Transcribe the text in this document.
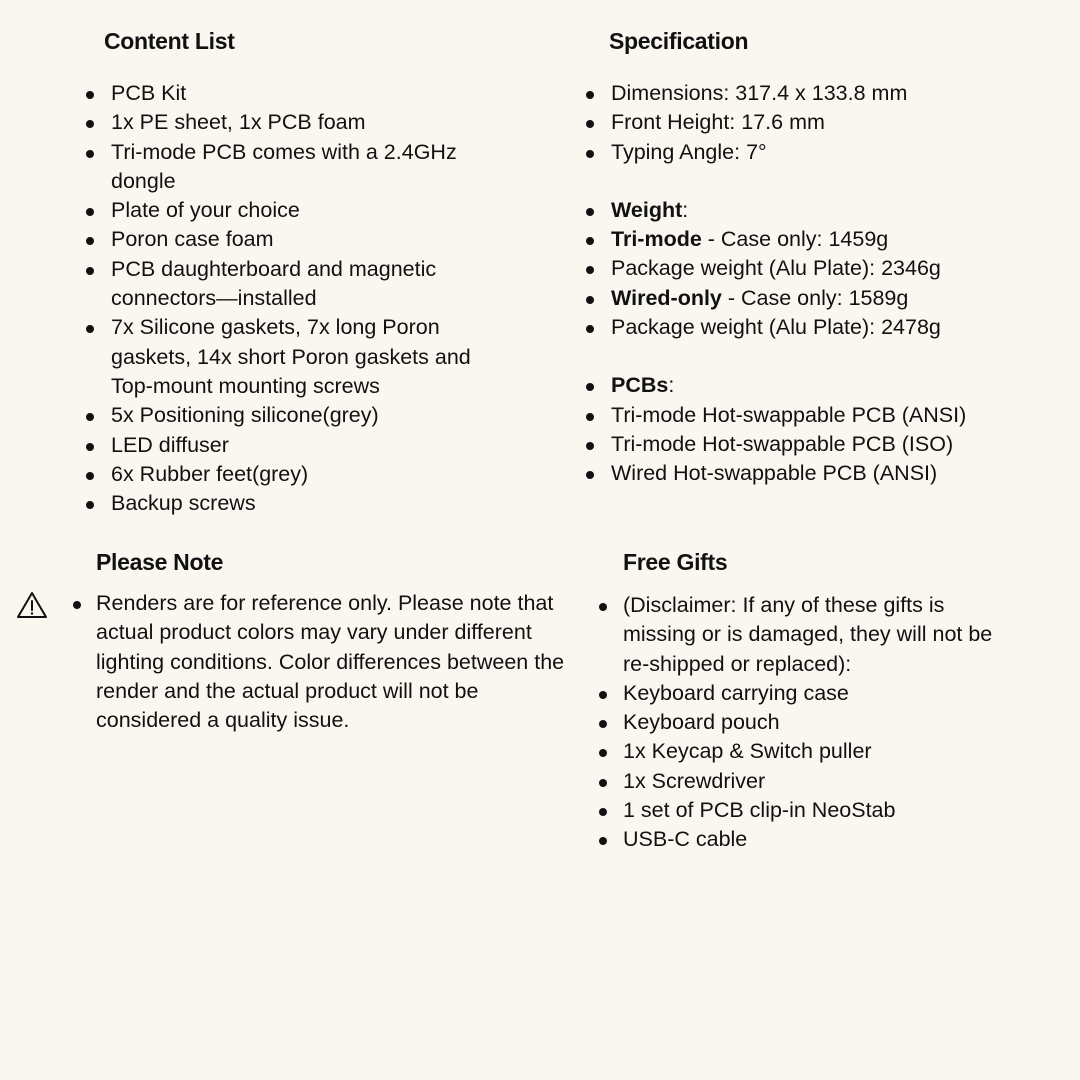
Content List
PCB Kit
1x PE sheet, 1x PCB foam
Tri-mode PCB comes with a 2.4GHz dongle
Plate of your choice
Poron case foam
PCB daughterboard and magnetic connectors—installed
7x Silicone gaskets, 7x long Poron gaskets, 14x short Poron gaskets and Top-mount mounting screws
5x Positioning silicone(grey)
LED diffuser
6x Rubber feet(grey)
Backup screws
Specification
Dimensions: 317.4 x 133.8 mm
Front Height: 17.6 mm
Typing Angle: 7°
Weight:
Tri-mode - Case only: 1459g
Package weight (Alu Plate): 2346g
Wired-only - Case only: 1589g
Package weight (Alu Plate): 2478g
PCBs:
Tri-mode Hot-swappable PCB (ANSI)
Tri-mode Hot-swappable PCB (ISO)
Wired Hot-swappable PCB (ANSI)
Please Note
Renders are for reference only. Please note that actual product colors may vary under different lighting conditions. Color differences between the render and the actual product will not be considered a quality issue.
Free Gifts
(Disclaimer: If any of these gifts is missing or is damaged, they will not be re-shipped or replaced):
Keyboard carrying case
Keyboard pouch
1x Keycap & Switch puller
1x Screwdriver
1 set of PCB clip-in NeoStab
USB-C cable
